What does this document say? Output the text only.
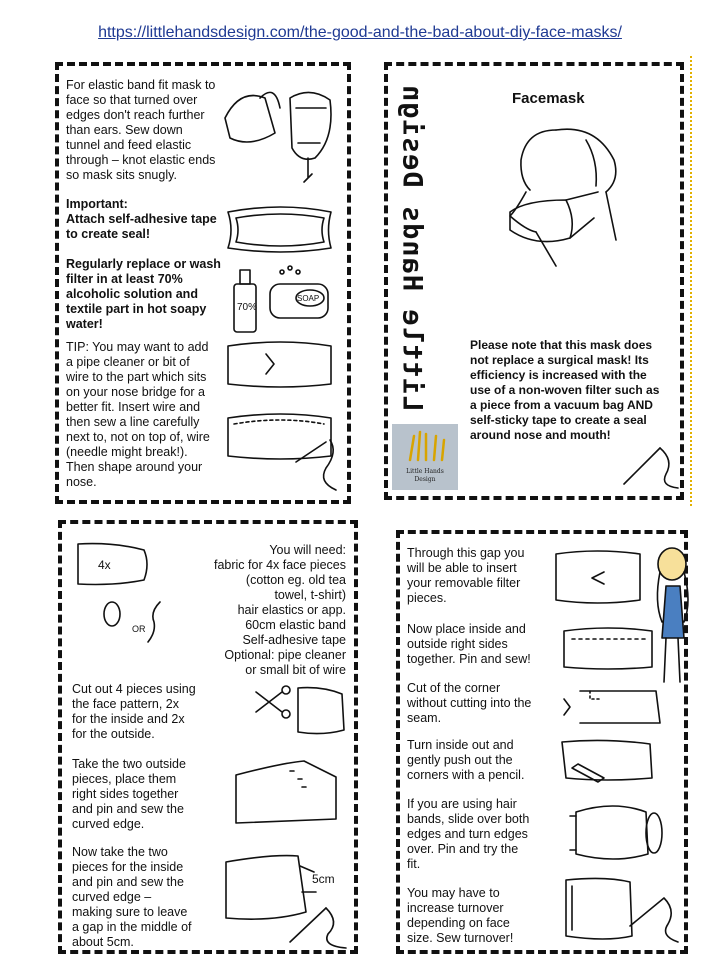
https://littlehandsdesign.com/the-good-and-the-bad-about-diy-face-masks/
For elastic band fit mask to
face so that turned over
edges don't reach further
than ears. Sew down
tunnel and feed elastic
through – knot elastic ends
so mask sits snugly.
Important:
Attach self-adhesive tape
to create seal!
Regularly replace or wash
filter in at least 70%
alcoholic solution and
textile part in hot soapy
water!
TIP: You may want to add
a pipe cleaner or bit of
wire to the part which sits
on your nose bridge for a
better fit. Insert wire and
then sew a line carefully
next to, not on top of, wire
(needle might break!).
Then shape around your
nose.
70%
SOAP	Little Hands Design
Little Hands
Design
Facemask
Please note that this mask does
not replace a surgical mask! Its
efficiency is increased with the
use of a non-woven filter such as
a piece from a vacuum bag AND
self-sticky tape to create a seal
around nose and mouth!
4x
OR
You will need:
fabric for 4x face pieces
(cotton eg. old tea
towel, t-shirt)
hair elastics or app.
60cm elastic band
Self-adhesive tape
Optional: pipe cleaner
or small bit of wire
Cut out 4 pieces using
the face pattern, 2x
for the inside and 2x
for the outside.
Take the two outside
pieces, place them
right sides together
and pin and sew the
curved edge.
Now take the two
pieces for the inside
and pin and sew the
curved edge –
making sure to leave
a gap in the middle of
about 5cm.
5cm
Through this gap you
will be able to insert
your removable filter
pieces.
Now place inside and
outside right sides
together. Pin and sew!
Cut of the corner
without cutting into the
seam.
Turn inside out and
gently push out the
corners with a pencil.
If you are using hair
bands, slide over both
edges and turn edges
over. Pin and try the
fit.
You may have to
increase turnover
depending on face
size. Sew turnover!
